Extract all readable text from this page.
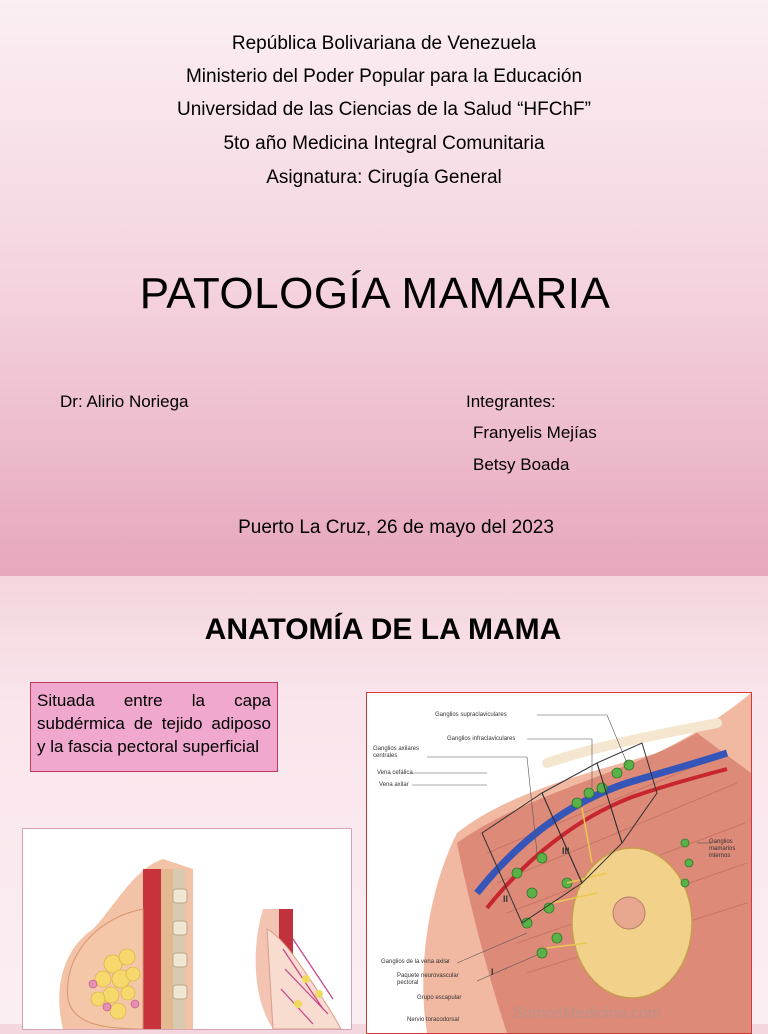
República Bolivariana de Venezuela
Ministerio del Poder Popular para la Educación
Universidad de las Ciencias de la Salud “HFChF”
5to año Medicina Integral Comunitaria
Asignatura: Cirugía General
PATOLOGÍA MAMARIA
Dr: Alirio Noriega	Integrantes:
Franyelis Mejías
Betsy Boada
Puerto La Cruz, 26 de mayo del 2023
ANATOMÍA DE LA MAMA
Situada entre la capa subdérmica de tejido adiposo y la fascia pectoral superficial
SomosMedicina.com
Ganglios supraclaviculares
Ganglios infraclaviculares
Ganglios axilares centrales
Vena cefálica
Vena axilar
Ganglios mamarios internos
Ganglios de la vena axilar
Paquete neurovascular pectoral
Grupo escapular
Nervio toracodorsal
III
II
I
